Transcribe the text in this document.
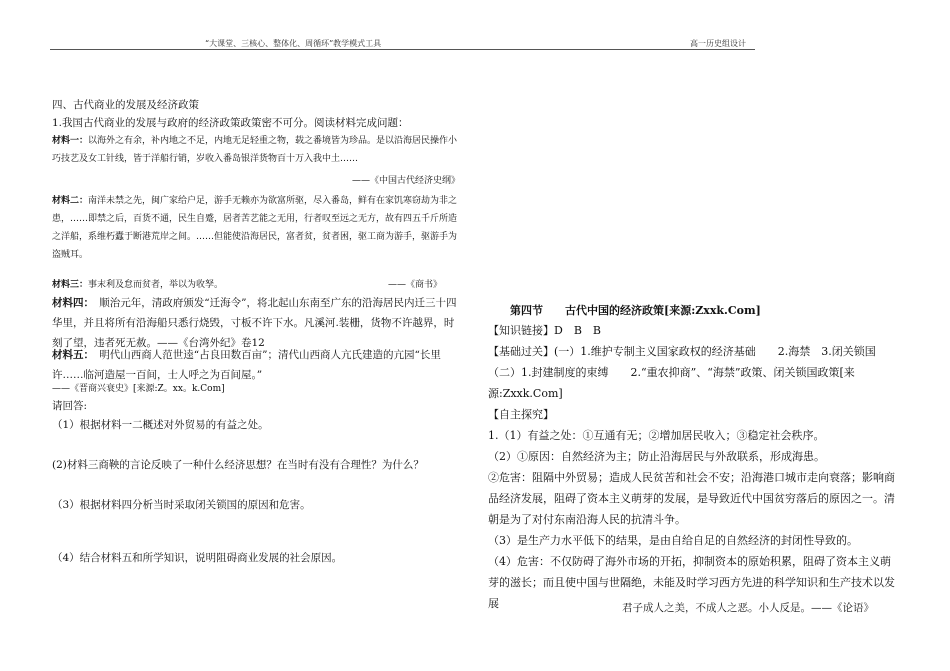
“大课堂、三核心、整体化、周循环”教学模式工具	高一历史组设计
四、古代商业的发展及经济政策
1.我国古代商业的发展与政府的经济政策政策密不可分。阅读材料完成问题：
材料一：以海外之有余，补内地之不足，内地无足轻重之物，载之番境皆为珍品。是以沿海居民操作小巧技艺及女工针线，皆于洋船行销，岁收入番岛银洋货物百十万入我中土……
——《中国古代经济史纲》
材料二：南洋未禁之先，闽广家给户足，游手无赖亦为欲富所驱，尽入番岛，鲜有在家饥寒窃劫为非之患，……即禁之后，百货不通，民生自蹙，居者苦艺能之无用，行者叹至远之无方，故有四五千斤所造之洋船，系维朽蠹于断港荒岸之间。……但能使沿海居民，富者贫，贫者困，驱工商为游手，驱游手为盗贼耳。
材料三：事末利及怠而贫者，举以为收孥。	——《商书》
材料四：　顺治元年，清政府颁发“迁海令”，将北起山东南至广东的沿海居民内迁三十四华里，并且将所有沿海船只悉行烧毁，寸板不许下水。凡溪河.装栅，货物不许越界，时刻了望，违者死无赦。——《台湾外纪》卷12
材料五：　明代山西商人范世逵“占良田数百亩”；清代山西商人亢氏建造的亢园“长里许……临河造屋一百间，士人呼之为百间屋。”
——《晋商兴衰史》[来源:Z。xx。k.Com]
请回答:
（1）根据材料一二概述对外贸易的有益之处。
(2)材料三商鞅的言论反映了一种什么经济思想？在当时有没有合理性？为什么？
（3）根据材料四分析当时采取闭关锁国的原因和危害。
（4）结合材料五和所学知识，说明阻碍商业发展的社会原因。
第四节　　古代中国的经济政策[来源:Zxxk.Com]
【知识链接】D　B　B
【基础过关】(一）1.维护专制主义国家政权的经济基础　　2.海禁　3.闭关锁国
（二）1.封建制度的束缚　　2.“重农抑商”、“海禁”政策、闭关锁国政策[来源:Zxxk.Com]
【自主探究】
1.（1）有益之处：①互通有无；②增加居民收入；③稳定社会秩序。
（2）①原因：自然经济为主；防止沿海居民与外敌联系，形成海患。
②危害：阻隔中外贸易；造成人民贫苦和社会不安；沿海港口城市走向衰落；影响商品经济发展，阻碍了资本主义萌芽的发展，是导致近代中国贫穷落后的原因之一。清朝是为了对付东南沿海人民的抗清斗争。
（3）是生产力水平低下的结果，是由自给自足的自然经济的封闭性导致的。
（4）危害：不仅防碍了海外市场的开拓，抑制资本的原始积累，阻碍了资本主义萌芽的滋长；而且使中国与世隔绝，未能及时学习西方先进的科学知识和生产技术以发展	君子成人之美，不成人之恶。小人反是。——《论语》
